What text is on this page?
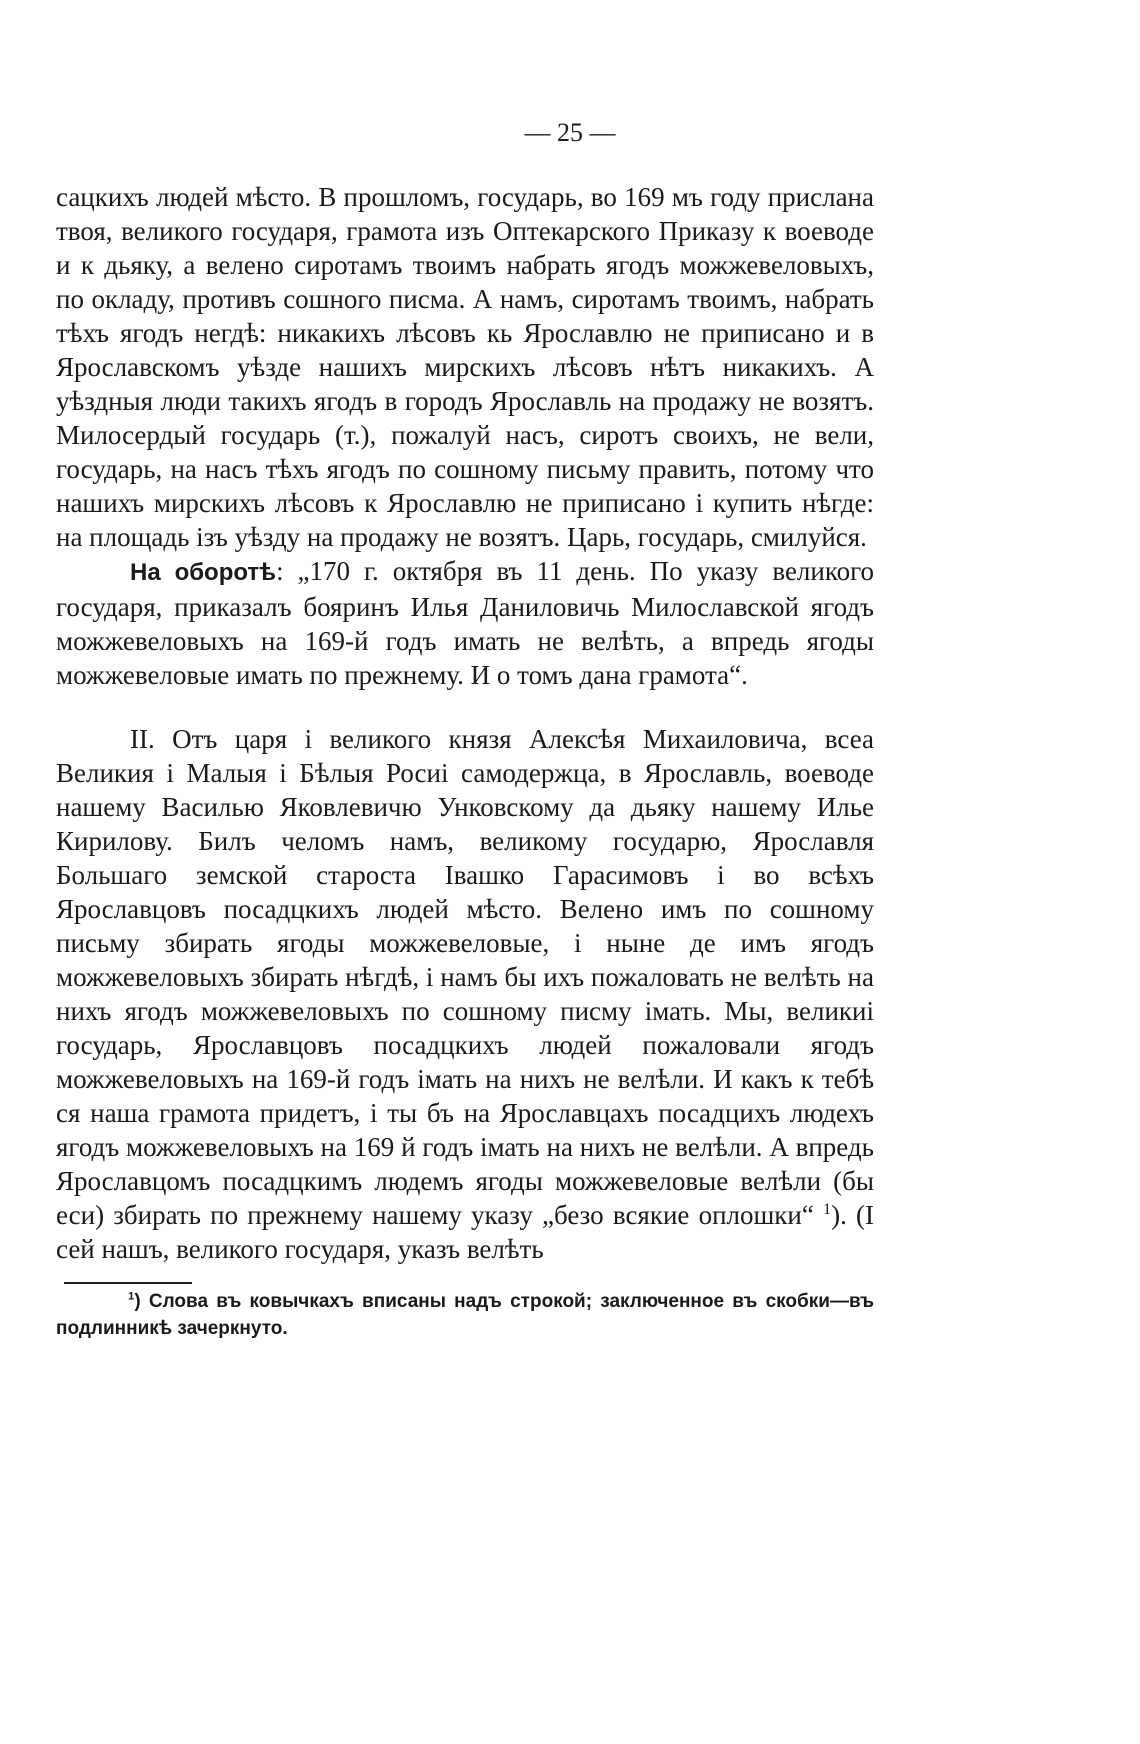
— 25 —

сацкихъ людей мѣсто. В прошломъ, государь, во 169 мъ году прислана твоя, великого государя, грамота изъ Оптекарского Приказу к воеводе и к дьяку, а велено сиротамъ твоимъ набрать ягодъ можжевеловыхъ, по окладу, противъ сошного писма. А намъ, сиротамъ твоимъ, набрать тѣхъ ягодъ негдѣ: никакихъ лѣсовъ кь Ярославлю не приписано и в Ярославскомъ уѣзде нашихъ мирскихъ лѣсовъ нѣтъ никакихъ. А уѣздныя люди такихъ ягодъ в городъ Ярославль на продажу не возятъ. Милосердый государь (т.), пожалуй насъ, сиротъ своихъ, не вели, государь, на насъ тѣхъ ягодъ по сошному письму править, потому что нашихъ мирскихъ лѣсовъ к Ярославлю не приписано і купить нѣгде: на площадь ізъ уѣзду на продажу не возятъ. Царь, государь, смилуйся.

На оборотѣ: „170 г. октября въ 11 день. По указу великого государя, приказалъ бояринъ Илья Даниловичь Милославской ягодъ можжевеловыхъ на 169-й годъ имать не велѣть, а впредь ягоды можжевеловые имать по прежнему. И о томъ дана грамота“.

II. Отъ царя і великого князя Алексѣя Михаиловича, всеа Великия і Малыя і Бѣлыя Росиі самодержца, в Ярославль, воеводе нашему Василью Яковлевичю Унковскому да дьяку нашему Илье Кирилову. Билъ челомъ намъ, великому государю, Ярославля Большаго земской староста Івашко Гарасимовъ і во всѣхъ Ярославцовъ посадцкихъ людей мѣсто. Велено имъ по сошному письму збирать ягоды можжевеловые, і ныне де имъ ягодъ можжевеловыхъ збирать нѣгдѣ, і намъ бы ихъ пожаловать не велѣть на нихъ ягодъ можжевеловыхъ по сошному писму імать. Мы, великиі государь, Ярославцовъ посадцкихъ людей пожаловали ягодъ можжевеловыхъ на 169-й годъ імать на нихъ не велѣли. И какъ к тебѣ ся наша грамота придетъ, і ты бъ на Ярославцахъ посадцихъ людехъ ягодъ можжевеловыхъ на 169 й годъ імать на нихъ не велѣли. А впредь Ярославцомъ посадцкимъ людемъ ягоды можжевеловые велѣли (бы еси) збирать по прежнему нашему указу „безо всякие оплошки“ $^1$). (І сей нашъ, великого государя, указъ велѣть

$^1$) Слова въ ковычкахъ вписаны надъ строкой; заключенное въ скобки—въ подлинникѣ зачеркнуто.
